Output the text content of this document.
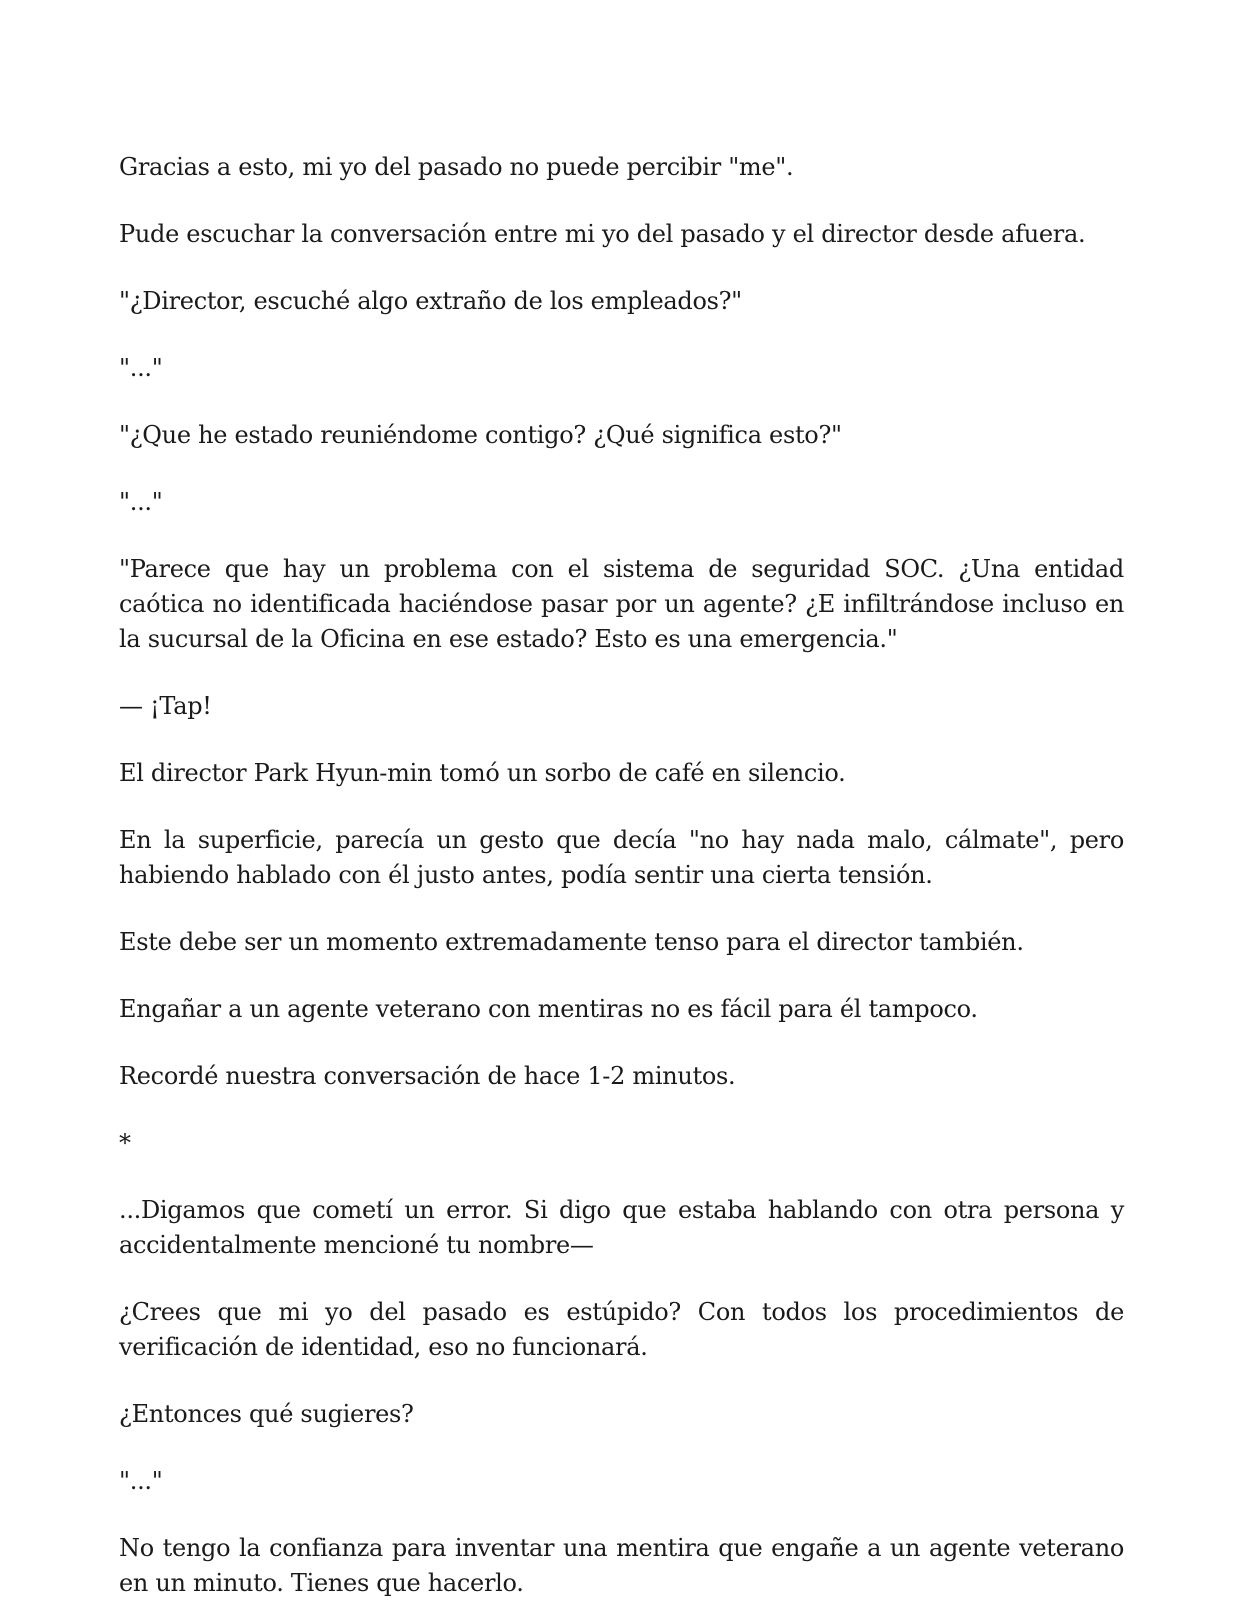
Gracias a esto, mi yo del pasado no puede percibir "me".

Pude escuchar la conversación entre mi yo del pasado y el director desde afuera.

"¿Director, escuché algo extraño de los empleados?"

"..."

"¿Que he estado reuniéndome contigo? ¿Qué significa esto?"

"..."

"Parece que hay un problema con el sistema de seguridad SOC. ¿Una entidad caótica no identificada haciéndose pasar por un agente? ¿E infiltrándose incluso en la sucursal de la Oficina en ese estado? Esto es una emergencia."

— ¡Tap!

El director Park Hyun-min tomó un sorbo de café en silencio.

En la superficie, parecía un gesto que decía "no hay nada malo, cálmate", pero habiendo hablado con él justo antes, podía sentir una cierta tensión.

Este debe ser un momento extremadamente tenso para el director también.

Engañar a un agente veterano con mentiras no es fácil para él tampoco.

Recordé nuestra conversación de hace 1-2 minutos.

*

...Digamos que cometí un error. Si digo que estaba hablando con otra persona y accidentalmente mencioné tu nombre—

¿Crees que mi yo del pasado es estúpido? Con todos los procedimientos de verificación de identidad, eso no funcionará.

¿Entonces qué sugieres?

"..."

No tengo la confianza para inventar una mentira que engañe a un agente veterano en un minuto. Tienes que hacerlo.
